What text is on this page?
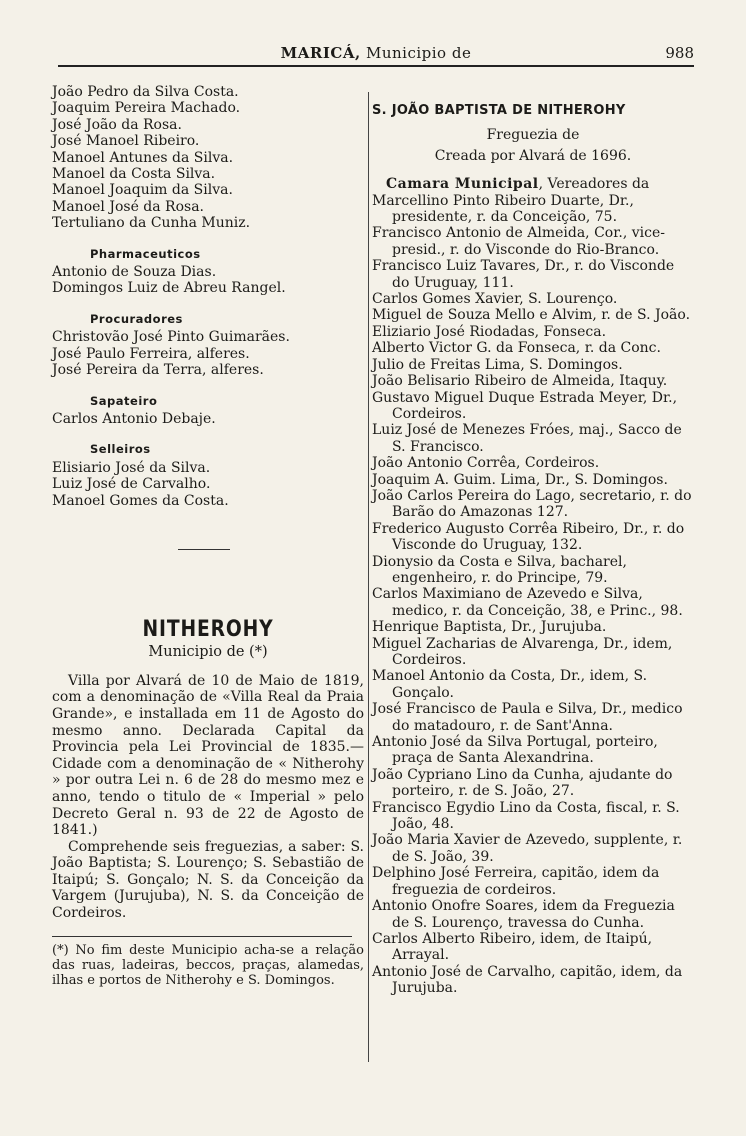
MARICÁ, Municipio de	988
João Pedro da Silva Costa.
Joaquim Pereira Machado.
José João da Rosa.
José Manoel Ribeiro.
Manoel Antunes da Silva.
Manoel da Costa Silva.
Manoel Joaquim da Silva.
Manoel José da Rosa.
Tertuliano da Cunha Muniz.
Pharmaceuticos
Antonio de Souza Dias.
Domingos Luiz de Abreu Rangel.
Procuradores
Christovão José Pinto Guimarães.
José Paulo Ferreira, alferes.
José Pereira da Terra, alferes.
Sapateiro
Carlos Antonio Debaje.
Selleiros
Elisiario José da Silva.
Luiz José de Carvalho.
Manoel Gomes da Costa.
NITHEROHY
Municipio de (*)
Villa por Alvará de 10 de Maio de 1819, com a denominação de «Villa Real da Praia Grande», e installada em 11 de Agosto do mesmo anno. Declarada Capital da Provincia pela Lei Provincial de 1835.—Cidade com a denominação de « Nitherohy » por outra Lei n. 6 de 28 do mesmo mez e anno, tendo o titulo de « Imperial » pelo Decreto Geral n. 93 de 22 de Agosto de 1841.)
Comprehende seis freguezias, a saber: S. João Baptista; S. Lourenço; S. Sebastião de Itaipú; S. Gonçalo; N. S. da Conceição da Vargem (Jurujuba), N. S. da Conceição de Cordeiros.
(*) No fim deste Municipio acha-se a relação das ruas, ladeiras, beccos, praças, alamedas, ilhas e portos de Nitherohy e S. Domingos.
S. JOÃO BAPTISTA DE NITHEROHY
Freguezia de
Creada por Alvará de 1696.
Camara Municipal, Vereadores da
Marcellino Pinto Ribeiro Duarte, Dr., presidente, r. da Conceição, 75.
Francisco Antonio de Almeida, Cor., vice-presid., r. do Visconde do Rio-Branco.
Francisco Luiz Tavares, Dr., r. do Visconde do Uruguay, 111.
Carlos Gomes Xavier, S. Lourenço.
Miguel de Souza Mello e Alvim, r. de S. João.
Eliziario José Riodadas, Fonseca.
Alberto Victor G. da Fonseca, r. da Conc.
Julio de Freitas Lima, S. Domingos.
João Belisario Ribeiro de Almeida, Itaquy.
Gustavo Miguel Duque Estrada Meyer, Dr., Cordeiros.
Luiz José de Menezes Fróes, maj., Sacco de S. Francisco.
João Antonio Corrêa, Cordeiros.
Joaquim A. Guim. Lima, Dr., S. Domingos.
João Carlos Pereira do Lago, secretario, r. do Barão do Amazonas 127.
Frederico Augusto Corrêa Ribeiro, Dr., r. do Visconde do Uruguay, 132.
Dionysio da Costa e Silva, bacharel, engenheiro, r. do Principe, 79.
Carlos Maximiano de Azevedo e Silva, medico, r. da Conceição, 38, e Princ., 98.
Henrique Baptista, Dr., Jurujuba.
Miguel Zacharias de Alvarenga, Dr., idem, Cordeiros.
Manoel Antonio da Costa, Dr., idem, S. Gonçalo.
José Francisco de Paula e Silva, Dr., medico do matadouro, r. de Sant'Anna.
Antonio José da Silva Portugal, porteiro, praça de Santa Alexandrina.
João Cypriano Lino da Cunha, ajudante do porteiro, r. de S. João, 27.
Francisco Egydio Lino da Costa, fiscal, r. S. João, 48.
João Maria Xavier de Azevedo, supplente, r. de S. João, 39.
Delphino José Ferreira, capitão, idem da freguezia de cordeiros.
Antonio Onofre Soares, idem da Freguezia de S. Lourenço, travessa do Cunha.
Carlos Alberto Ribeiro, idem, de Itaipú, Arrayal.
Antonio José de Carvalho, capitão, idem, da Jurujuba.
